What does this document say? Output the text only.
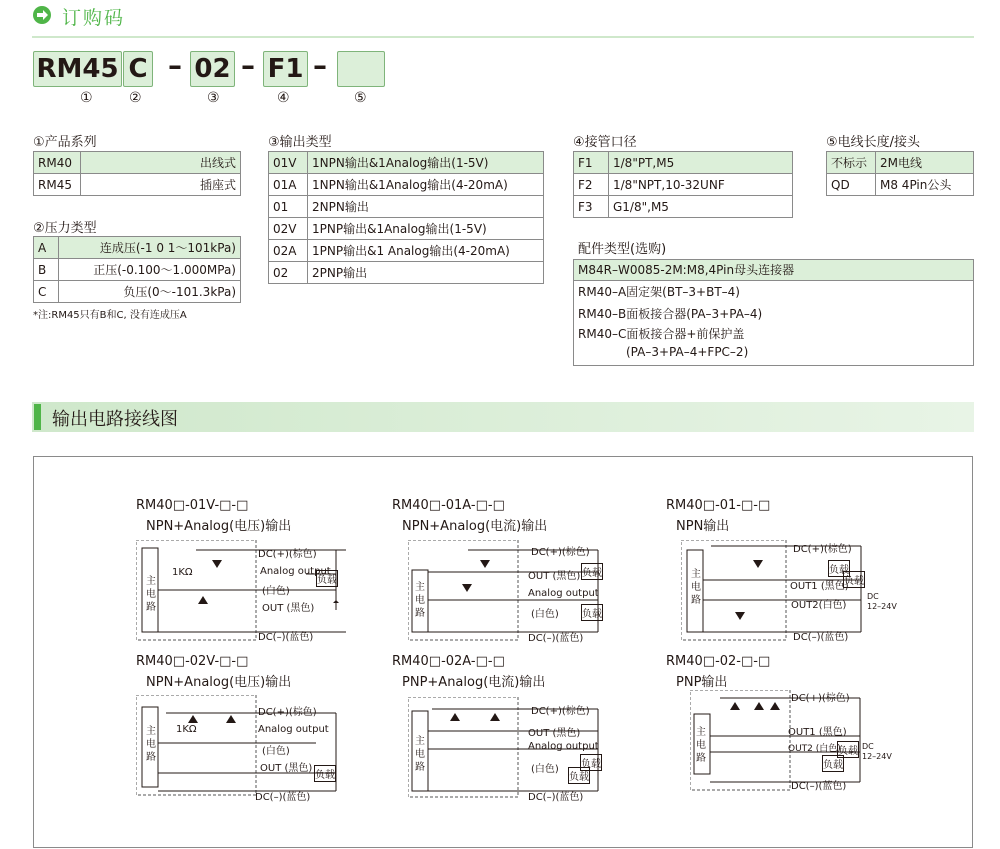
订购码
RM45 C – 02 – F1 –
①	②	③	④	⑤
①产品系列
RM40	出线式
RM45	插座式
②压力类型
A	连成压(-1 0 1～101kPa)
B	正压(-0.100～1.000MPa)
C	负压(0～-101.3kPa)
*注:RM45只有B和C, 没有连成压A
③输出类型
01V	1NPN输出&1Analog输出(1-5V)
01A	1NPN输出&1Analog输出(4-20mA)
01	2NPN输出
02V	1PNP输出&1Analog输出(1-5V)
02A	1PNP输出&1 Analog输出(4-20mA)
02	2PNP输出
④接管口径
F1	1/8"PT,M5
F2	1/8"NPT,10-32UNF
F3	G1/8",M5
⑤电线长度/接头
不标示	2M电线
QD	M8 4Pin公头
配件类型(选购)
M84R–W0085-2M:M8,4Pin母头连接器
RM40–A固定架(BT–3+BT–4)
RM40–B面板接合器(PA–3+PA–4)
RM40–C面板接合器+前保护盖
(PA–3+PA–4+FPC–2)
输出电路接线图
RM40□-01V-□-□
NPN+Analog(电压)输出
RM40□-01A-□-□
NPN+Analog(电流)输出
RM40□-01-□-□
NPN输出
RM40□-02V-□-□
NPN+Analog(电压)输出
RM40□-02A-□-□
PNP+Analog(电流)输出
RM40□-02-□-□
PNP输出
DC(+)(棕色)
1KΩ	Analog output
(白色)
负载
OUT (黑色)
DC(–)(蓝色)
主
电
路
DC(+)(棕色)
OUT (黑色) 负载
Analog output
(白色) 负载
DC(–)(蓝色)
主
电
路
DC(+)(棕色)
负载
OUT1 (黑色)
负载
OUT2(白色)
DC
12–24V
DC(–)(蓝色)
主
电
路
DC(+)(棕色)
1KΩ	Analog output
(白色)
OUT (黑色)
负载
DC(–)(蓝色)
主
电
路
DC(+)(棕色)
OUT (黑色)
Analog output
负载
(白色)
负载
DC(–)(蓝色)
主
电
路
DC(+)(棕色)
OUT1 (黑色)
OUT2 (白色)
负载
负载
DC
12–24V
DC(–)(蓝色)
主
电
路
